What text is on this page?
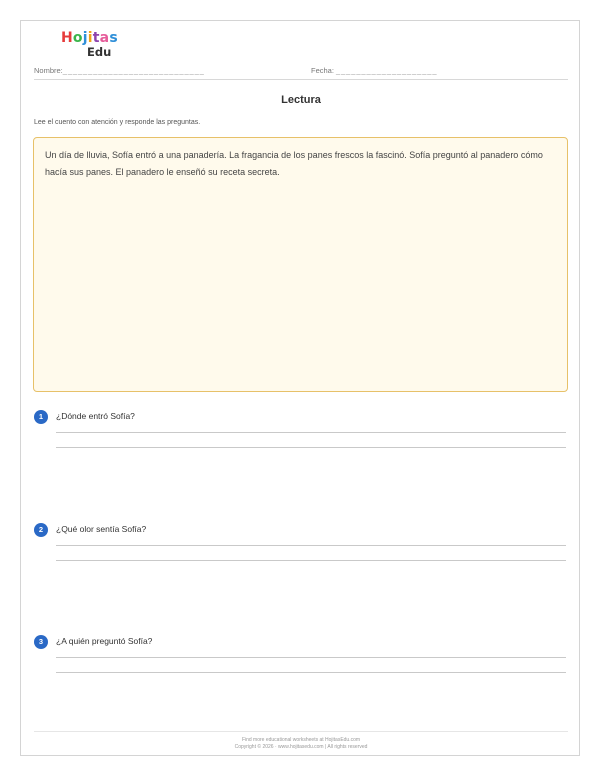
Hojitas
Edu
Nombre:____________________________	Fecha: ____________________
Lectura
Lee el cuento con atención y responde las preguntas.
Un día de lluvia, Sofía entró a una panadería. La fragancia de los panes frescos la fascinó. Sofía preguntó al panadero cómo hacía sus panes. El panadero le enseñó su receta secreta.
1	¿Dónde entró Sofía?
2	¿Qué olor sentía Sofía?
3	¿A quién preguntó Sofía?
Find more educational worksheets at HojitasEdu.com
Copyright © 2026 · www.hojitasedu.com | All rights reserved
